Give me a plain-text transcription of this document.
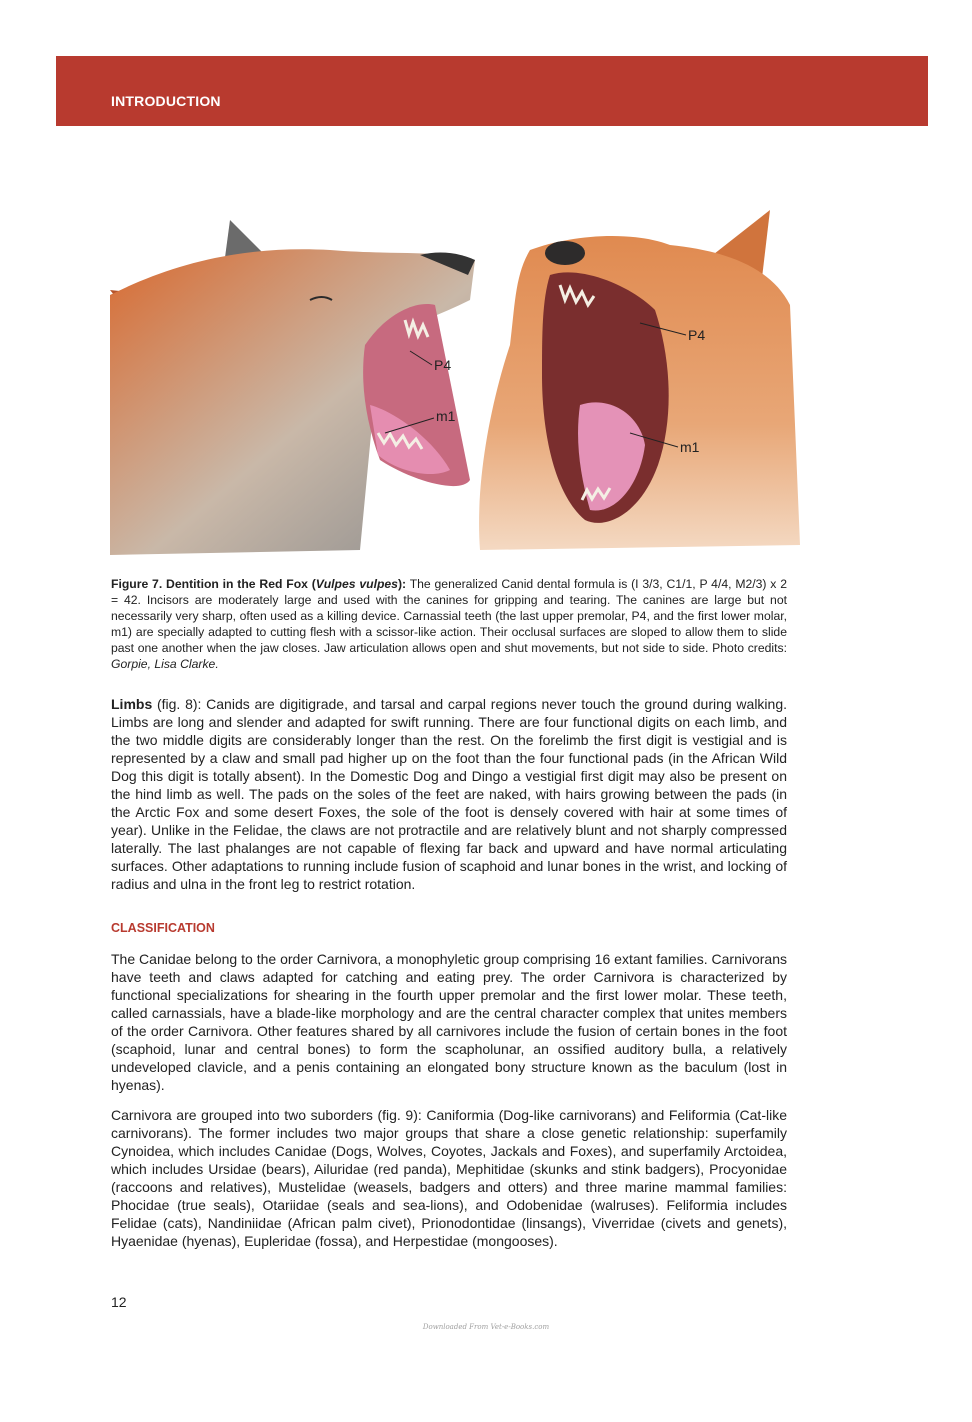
INTRODUCTION
P4
m1
P4
m1

Figure 7. Dentition in the Red Fox (Vulpes vulpes): The generalized Canid dental formula is (I 3/3, C1/1, P 4/4, M2/3) x 2 = 42. Incisors are moderately large and used with the canines for gripping and tearing. The canines are large but not necessarily very sharp, often used as a killing device. Carnassial teeth (the last upper premolar, P4, and the first lower molar, m1) are specially adapted to cutting flesh with a scissor-like action. Their occlusal surfaces are sloped to allow them to slide past one another when the jaw closes. Jaw articulation allows open and shut movements, but not side to side. Photo credits: Gorpie, Lisa Clarke.

Limbs (fig. 8): Canids are digitigrade, and tarsal and carpal regions never touch the ground during walking. Limbs are long and slender and adapted for swift running. There are four functional digits on each limb, and the two middle digits are considerably longer than the rest. On the forelimb the first digit is vestigial and is represented by a claw and small pad higher up on the foot than the four functional pads (in the African Wild Dog this digit is totally absent). In the Domestic Dog and Dingo a vestigial first digit may also be present on the hind limb as well. The pads on the soles of the feet are naked, with hairs growing between the pads (in the Arctic Fox and some desert Foxes, the sole of the foot is densely covered with hair at some times of year). Unlike in the Felidae, the claws are not protractile and are relatively blunt and not sharply compressed laterally. The last phalanges are not capable of flexing far back and upward and have normal articulating surfaces. Other adaptations to running include fusion of scaphoid and lunar bones in the wrist, and locking of radius and ulna in the front leg to restrict rotation.

CLASSIFICATION

The Canidae belong to the order Carnivora, a monophyletic group comprising 16 extant families. Carnivorans have teeth and claws adapted for catching and eating prey. The order Carnivora is characterized by functional specializations for shearing in the fourth upper premolar and the first lower molar. These teeth, called carnassials, have a blade-like morphology and are the central character complex that unites members of the order Carnivora. Other features shared by all carnivores include the fusion of certain bones in the foot (scaphoid, lunar and central bones) to form the scapholunar, an ossified auditory bulla, a relatively undeveloped clavicle, and a penis containing an elongated bony structure known as the baculum (lost in hyenas).

Carnivora are grouped into two suborders (fig. 9): Caniformia (Dog-like carnivorans) and Feliformia (Cat-like carnivorans). The former includes two major groups that share a close genetic relationship: superfamily Cynoidea, which includes Canidae (Dogs, Wolves, Coyotes, Jackals and Foxes), and superfamily Arctoidea, which includes Ursidae (bears), Ailuridae (red panda), Mephitidae (skunks and stink badgers), Procyonidae (raccoons and relatives), Mustelidae (weasels, badgers and otters) and three marine mammal families: Phocidae (true seals), Otariidae (seals and sea-lions), and Odobenidae (walruses). Feliformia includes Felidae (cats), Nandiniidae (African palm civet), Prionodontidae (linsangs), Viverridae (civets and genets), Hyaenidae (hyenas), Eupleridae (fossa), and Herpestidae (mongooses).

12
Downloaded From Vet-e-Books.com
